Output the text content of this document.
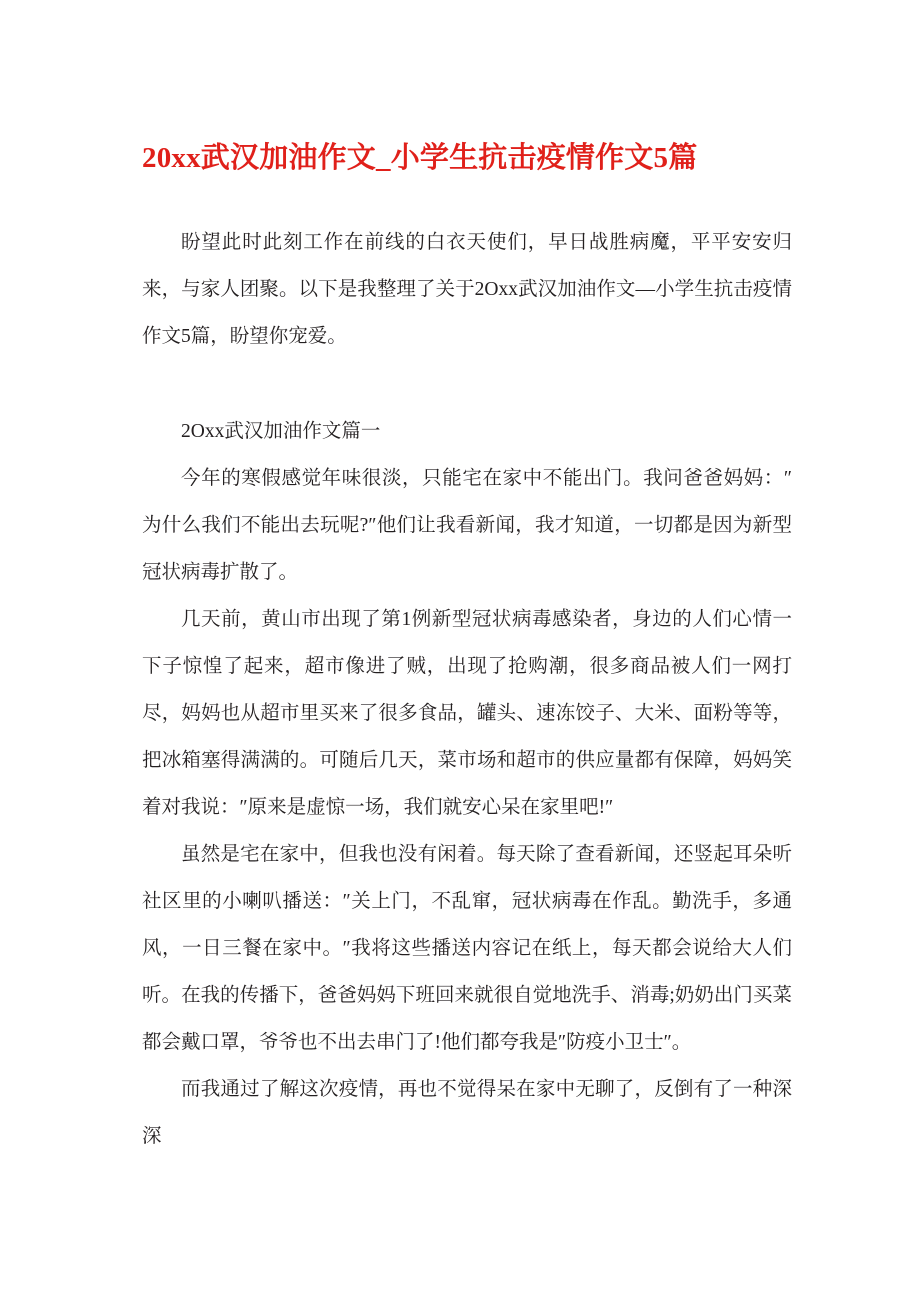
20xx武汉加油作文_小学生抗击疫情作文5篇

盼望此时此刻工作在前线的白衣天使们，早日战胜病魔，平平安安归来，与家人团聚。以下是我整理了关于2Oxx武汉加油作文—小学生抗击疫情作文5篇，盼望你宠爱。

2Oxx武汉加油作文篇一

今年的寒假感觉年味很淡，只能宅在家中不能出门。我问爸爸妈妈：″为什么我们不能出去玩呢?″他们让我看新闻，我才知道，一切都是因为新型冠状病毒扩散了。

几天前，黄山市出现了第1例新型冠状病毒感染者，身边的人们心情一下子惊惶了起来，超市像进了贼，出现了抢购潮，很多商品被人们一网打尽，妈妈也从超市里买来了很多食品，罐头、速冻饺子、大米、面粉等等，把冰箱塞得满满的。可随后几天，菜市场和超市的供应量都有保障，妈妈笑着对我说：″原来是虚惊一场，我们就安心呆在家里吧!″

虽然是宅在家中，但我也没有闲着。每天除了查看新闻，还竖起耳朵听社区里的小喇叭播送：″关上门，不乱窜，冠状病毒在作乱。勤洗手，多通风，一日三餐在家中。″我将这些播送内容记在纸上，每天都会说给大人们听。在我的传播下，爸爸妈妈下班回来就很自觉地洗手、消毒;奶奶出门买菜都会戴口罩，爷爷也不出去串门了!他们都夸我是″防疫小卫士″。

而我通过了解这次疫情，再也不觉得呆在家中无聊了，反倒有了一种深深
